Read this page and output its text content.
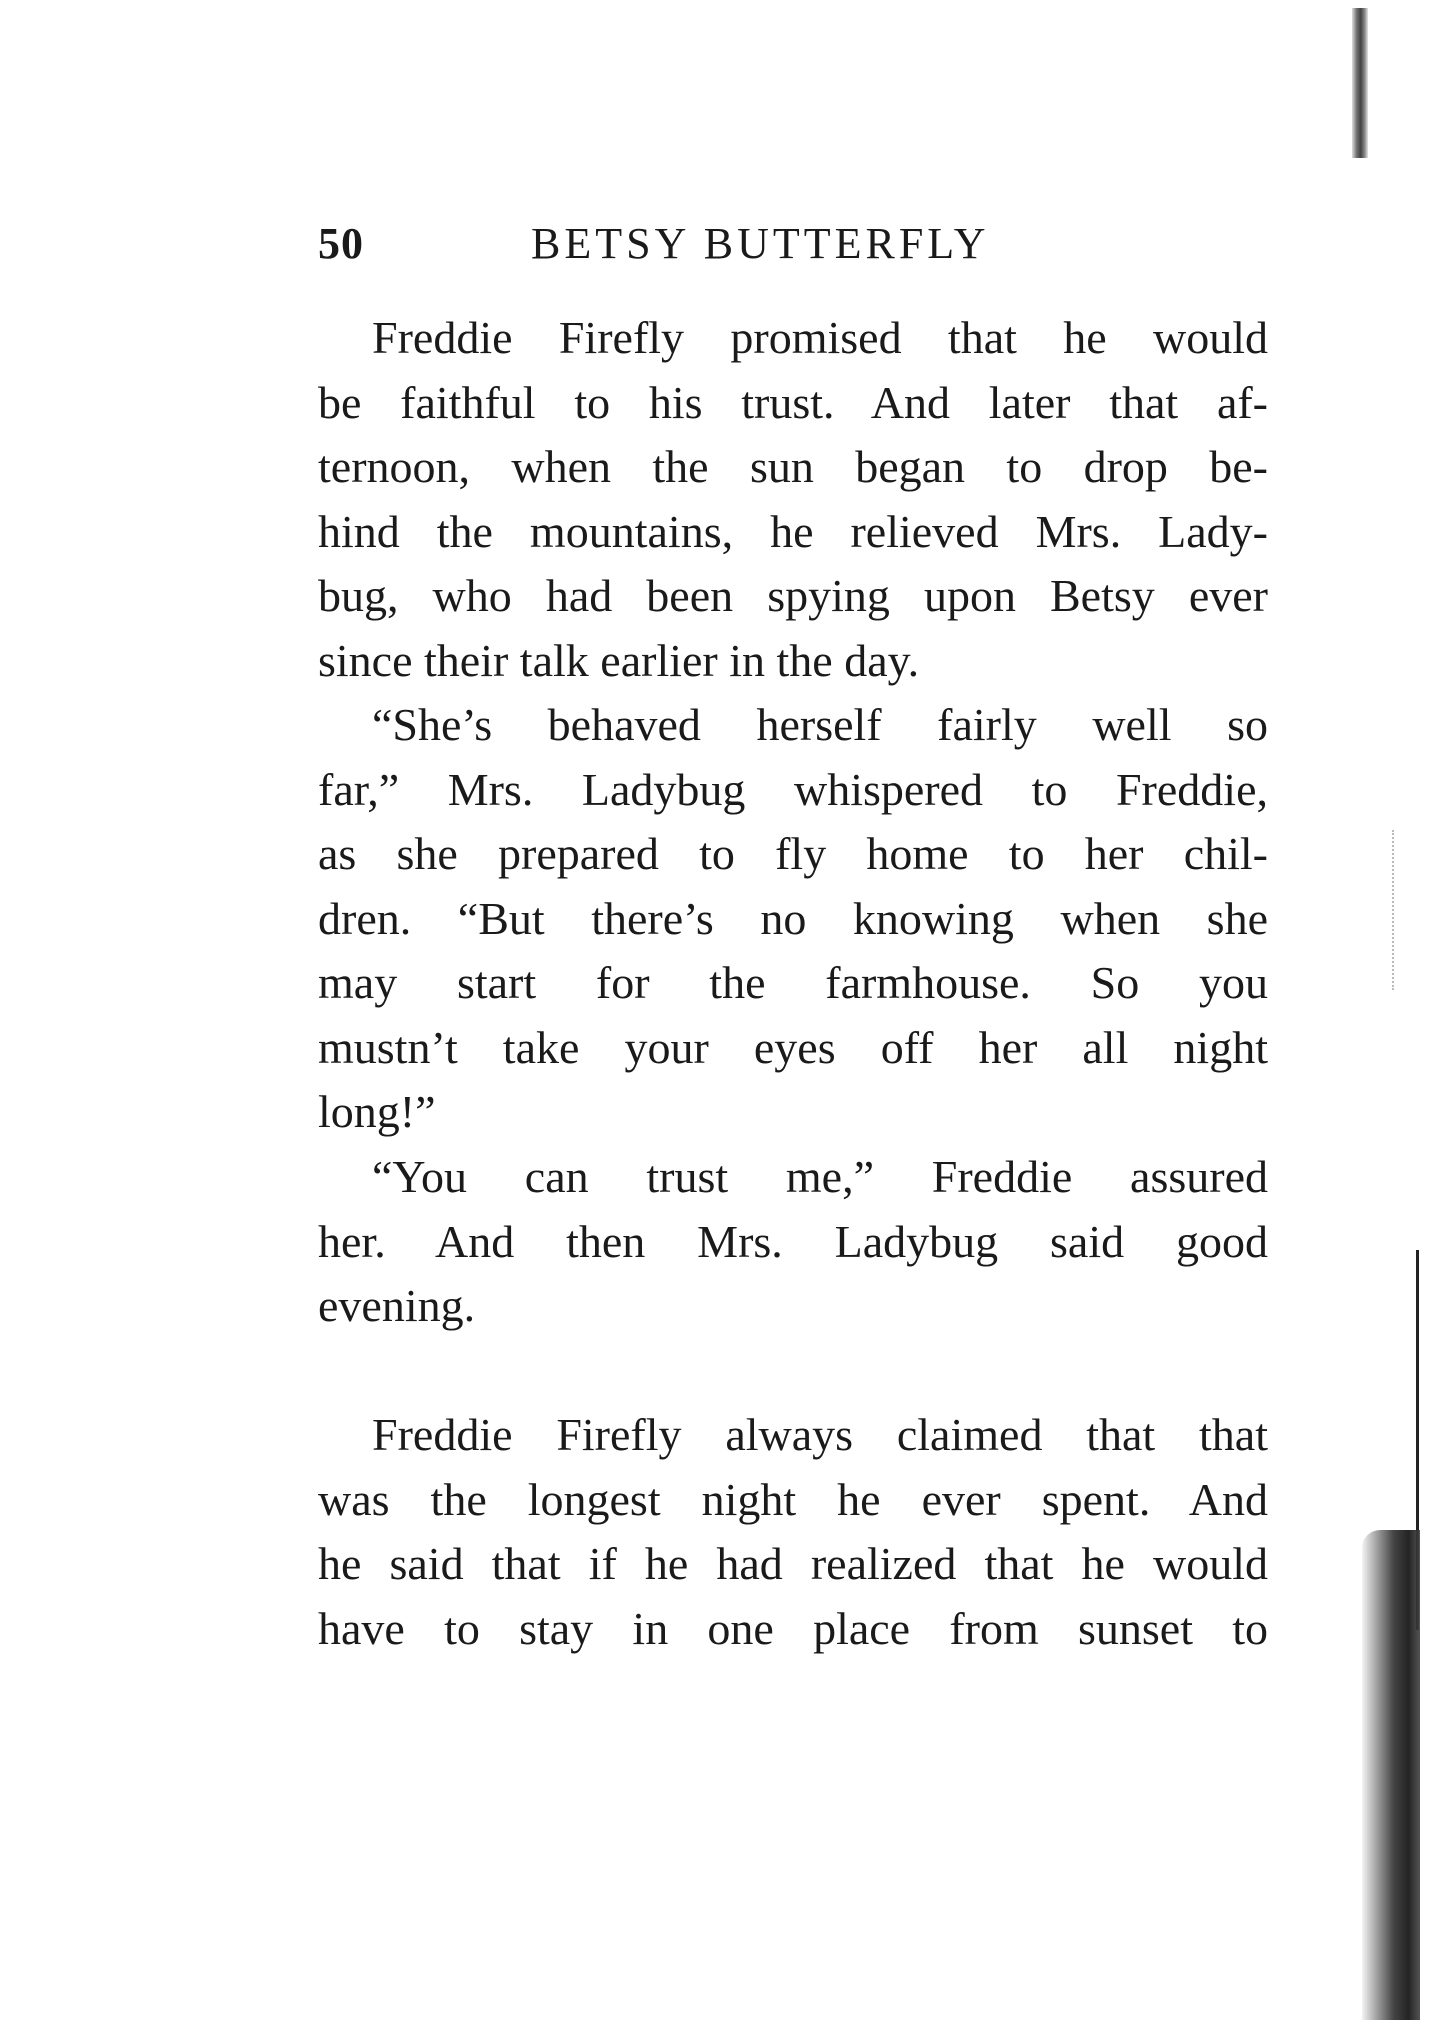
50	BETSY BUTTERFLY
Freddie Firefly promised that he would
be faithful to his trust. And later that af-
ternoon, when the sun began to drop be-
hind the mountains, he relieved Mrs. Lady-
bug, who had been spying upon Betsy ever
since their talk earlier in the day.
“She’s behaved herself fairly well so
far,” Mrs. Ladybug whispered to Freddie,
as she prepared to fly home to her chil-
dren. “But there’s no knowing when she
may start for the farmhouse. So you
mustn’t take your eyes off her all night
long!”
“You can trust me,” Freddie assured
her. And then Mrs. Ladybug said good
evening.
Freddie Firefly always claimed that that
was the longest night he ever spent. And
he said that if he had realized that he would
have to stay in one place from sunset to
